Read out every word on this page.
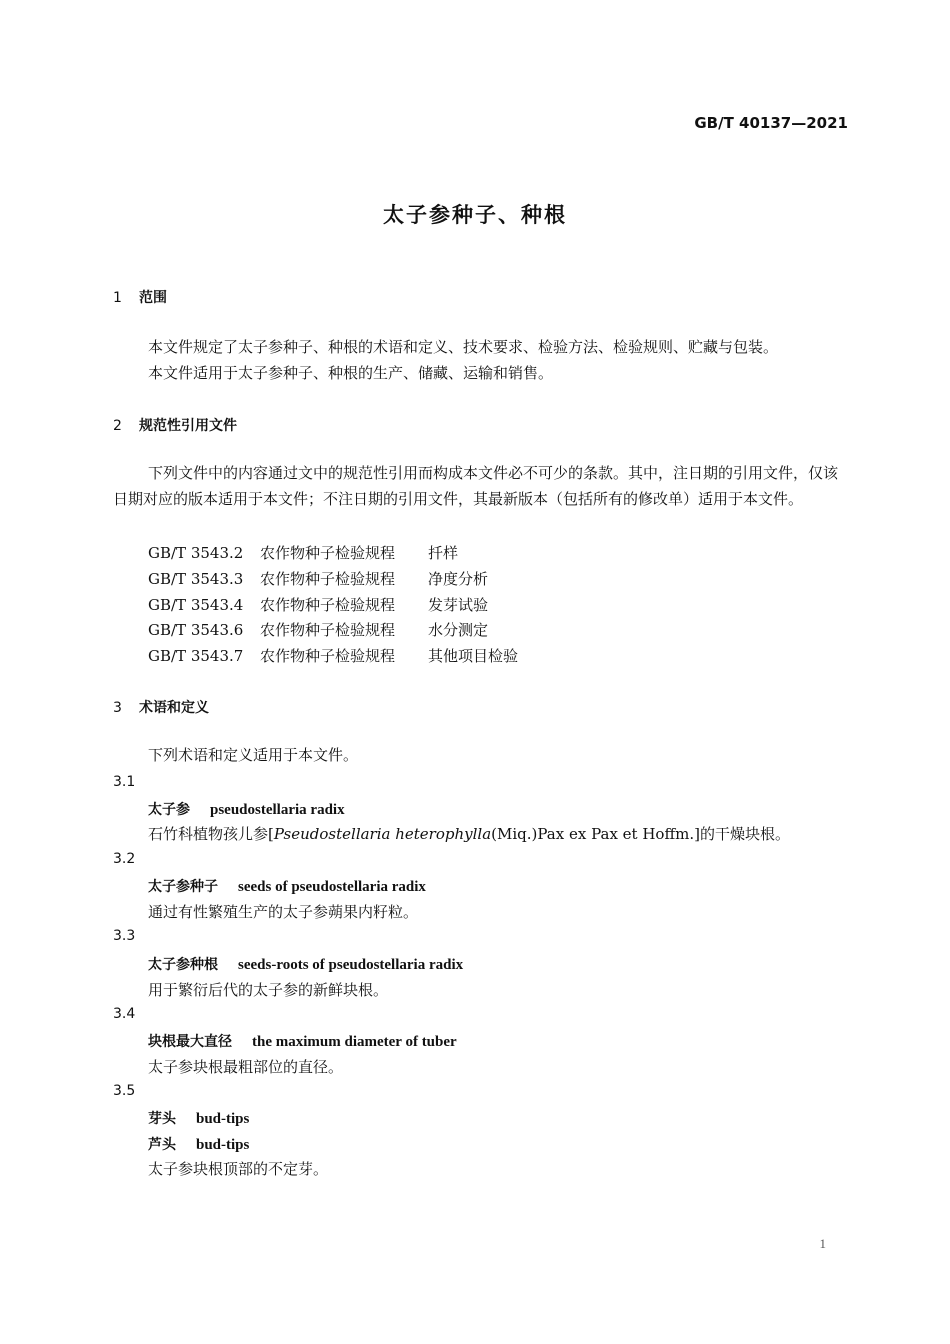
GB/T 40137—2021
太子参种子、种根
1 范围
本文件规定了太子参种子、种根的术语和定义、技术要求、检验方法、检验规则、贮藏与包装。
本文件适用于太子参种子、种根的生产、储藏、运输和销售。
2 规范性引用文件
下列文件中的内容通过文中的规范性引用而构成本文件必不可少的条款。其中，注日期的引用文件，仅该日期对应的版本适用于本文件；不注日期的引用文件，其最新版本（包括所有的修改单）适用于本文件。
GB/T 3543.2 农作物种子检验规程 扦样
GB/T 3543.3 农作物种子检验规程 净度分析
GB/T 3543.4 农作物种子检验规程 发芽试验
GB/T 3543.6 农作物种子检验规程 水分测定
GB/T 3543.7 农作物种子检验规程 其他项目检验
3 术语和定义
下列术语和定义适用于本文件。
3.1
太子参 pseudostellaria radix
石竹科植物孩儿参[Pseudostellaria heterophylla(Miq.)Pax ex Pax et Hoffm.]的干燥块根。
3.2
太子参种子 seeds of pseudostellaria radix
通过有性繁殖生产的太子参蒴果内籽粒。
3.3
太子参种根 seeds-roots of pseudostellaria radix
用于繁衍后代的太子参的新鲜块根。
3.4
块根最大直径 the maximum diameter of tuber
太子参块根最粗部位的直径。
3.5
芽头 bud-tips
芦头 bud-tips
太子参块根顶部的不定芽。
1
